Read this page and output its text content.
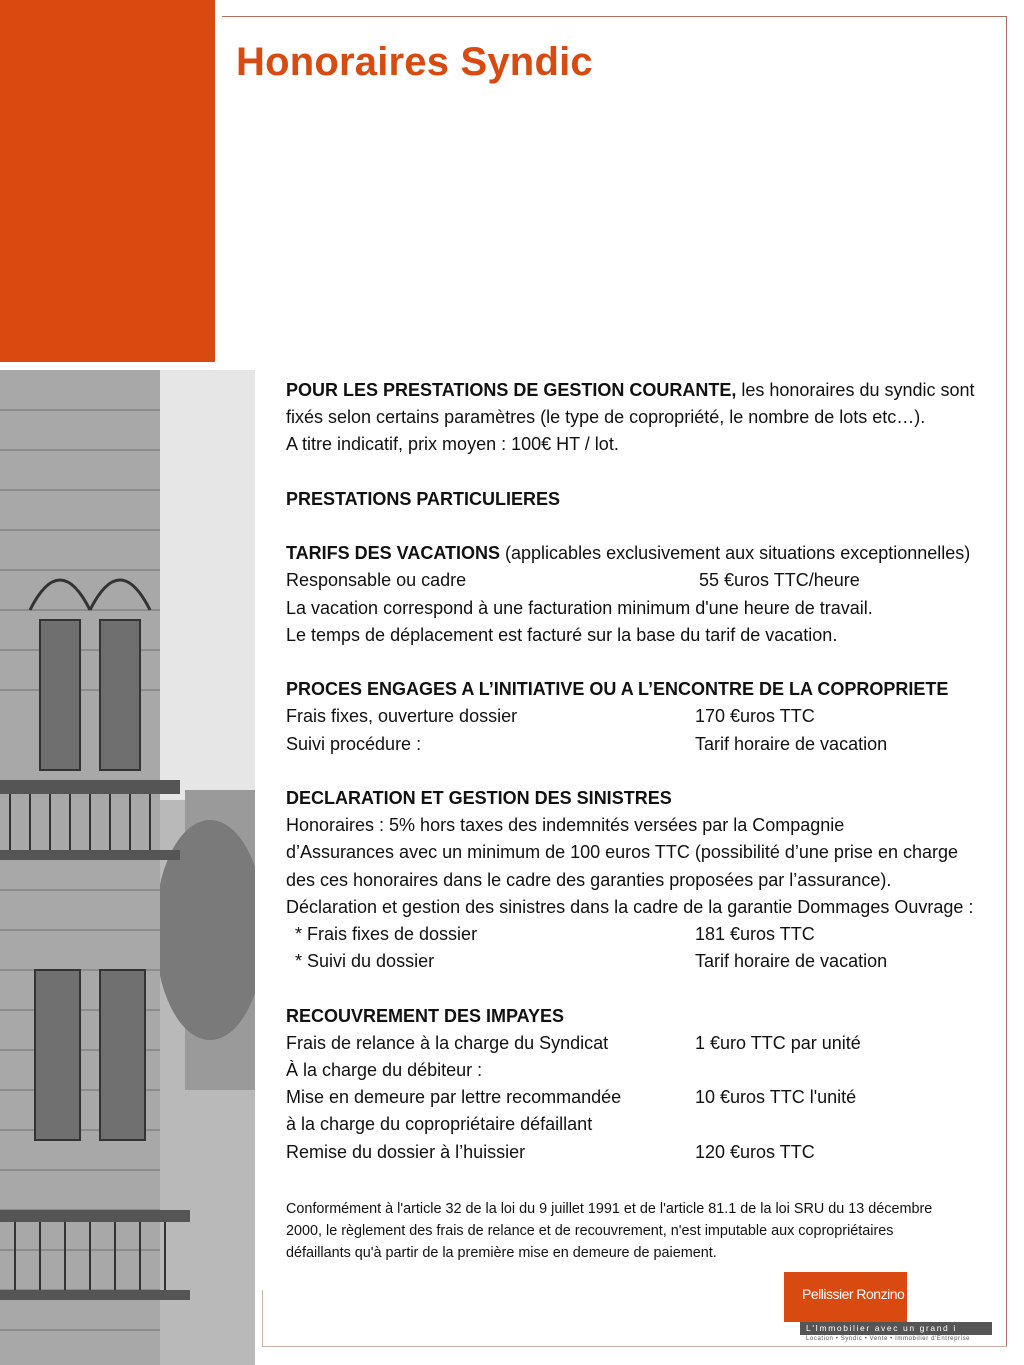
Honoraires Syndic

POUR LES PRESTATIONS DE GESTION COURANTE, les honoraires du syndic sont

fixés selon certains paramètres (le type de copropriété, le nombre de lots etc…).

A titre indicatif, prix moyen : 100€ HT / lot.

PRESTATIONS PARTICULIERES

TARIFS DES VACATIONS (applicables exclusivement aux situations exceptionnelles)

Responsable ou cadre	55 €uros TTC/heure

La vacation correspond à une facturation minimum d'une heure de travail.

Le temps de déplacement est facturé sur la base du tarif de vacation.

PROCES ENGAGES A L’INITIATIVE OU A L’ENCONTRE DE LA COPROPRIETE

Frais fixes, ouverture dossier	170 €uros TTC
Suivi procédure :	Tarif horaire de vacation

DECLARATION ET GESTION DES SINISTRES

Honoraires : 5% hors taxes des indemnités versées par la Compagnie

d’Assurances avec un minimum de 100 euros TTC (possibilité d’une prise en charge

des ces honoraires dans le cadre des garanties proposées par l’assurance).

Déclaration et gestion des sinistres dans la cadre de la garantie Dommages Ouvrage :

* Frais fixes de dossier	181 €uros TTC
* Suivi du dossier	Tarif horaire de vacation

RECOUVREMENT DES IMPAYES

Frais de relance à la charge du Syndicat	1 €uro TTC par unité

À la charge du débiteur :

Mise en demeure par lettre recommandée	10 €uros TTC l'unité

à la charge du copropriétaire défaillant

Remise du dossier à l’huissier	120 €uros TTC

Conformément à l'article 32 de la loi du 9 juillet 1991 et de l'article 81.1 de la loi SRU du 13 décembre

2000, le règlement des frais de relance et de recouvrement, n'est imputable aux copropriétaires

défaillants qu'à partir de la première mise en demeure de paiement.

Pellissier Ronzino
L'Immobilier avec un grand i
Location • Syndic • Vente • Immobilier d'Entreprise
